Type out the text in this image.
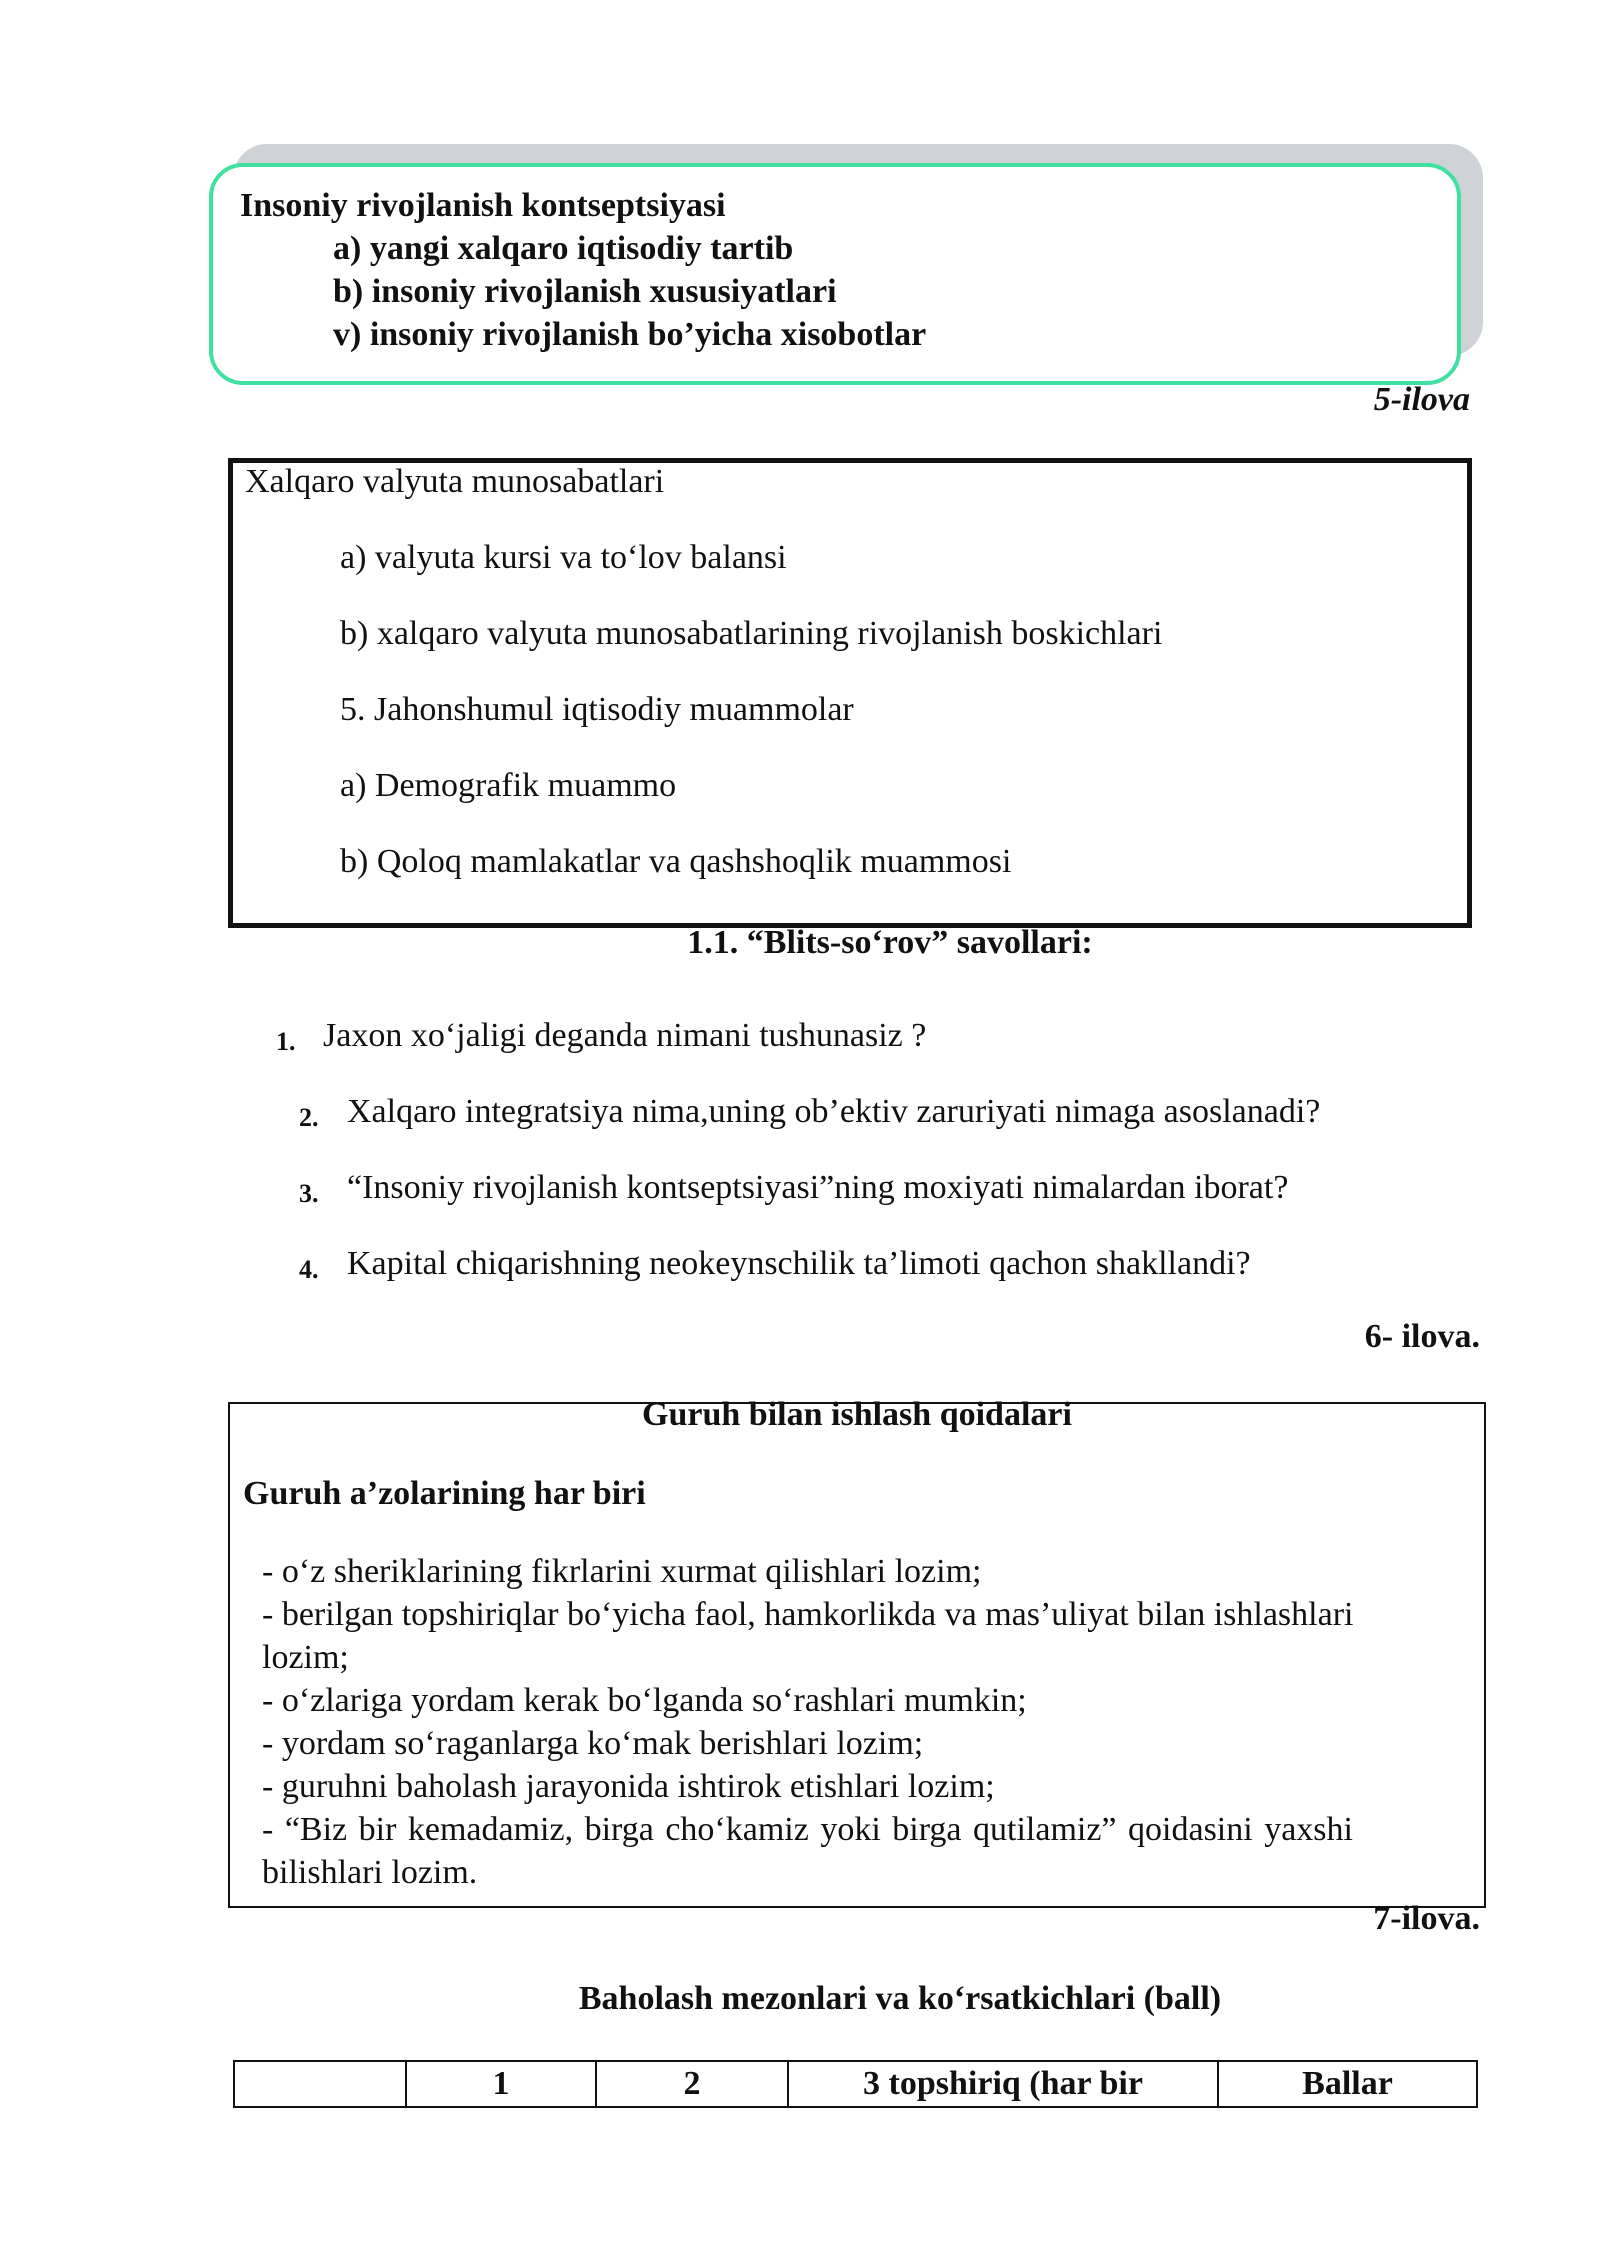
Insoniy rivojlanish kontseptsiyasi
a) yangi xalqaro iqtisodiy tartib
b) insoniy rivojlanish xususiyatlari
v) insoniy rivojlanish bo’yicha xisobotlar
5-ilova
Xalqaro valyuta munosabatlari
a) valyuta kursi va to‘lov balansi
b) xalqaro valyuta munosabatlarining rivojlanish boskichlari
5. Jahonshumul iqtisodiy muammolar
a) Demografik muammo
b) Qoloq mamlakatlar va qashshoqlik muammosi
1.1. “Blits-so‘rov” savollari:
1. Jaxon xo‘jaligi deganda nimani tushunasiz ?
2. Xalqaro integratsiya nima,uning ob’ektiv zaruriyati nimaga asoslanadi?
3. “Insoniy rivojlanish kontseptsiyasi”ning moxiyati nimalardan iborat?
4. Kapital chiqarishning neokeynschilik ta’limoti qachon shakllandi?
6- ilova.
Guruh bilan ishlash qoidalari
Guruh a’zolarining har biri
- o‘z sheriklarining fikrlarini xurmat qilishlari lozim;
- berilgan topshiriqlar bo‘yicha faol, hamkorlikda va mas’uliyat bilan ishlashlari
lozim;
- o‘zlariga yordam kerak bo‘lganda so‘rashlari mumkin;
- yordam so‘raganlarga ko‘mak berishlari lozim;
- guruhni baholash jarayonida ishtirok etishlari lozim;
- “Biz bir kemadamiz, birga cho‘kamiz yoki birga qutilamiz” qoidasini yaxshi
bilishlari lozim.
7-ilova.
Baholash mezonlari va ko‘rsatkichlari (ball)
	1	2	3 topshiriq (har bir	Ballar
